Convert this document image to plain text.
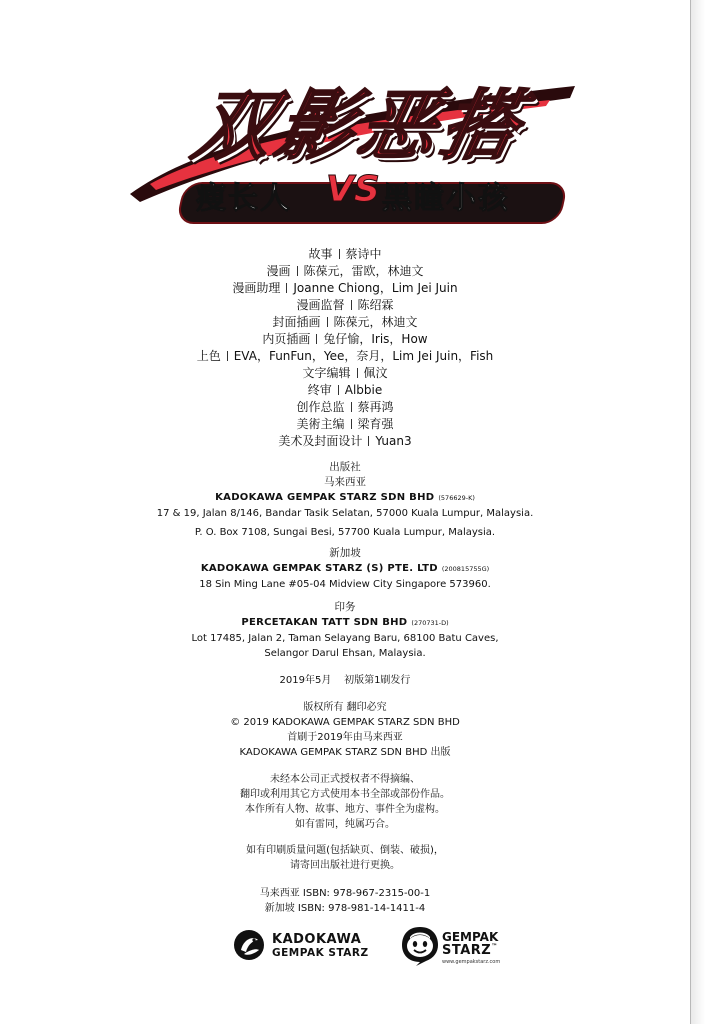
双影恶搭
瘦长人 VS 黑瞳小孩
故事 蔡诗中
漫画 陈葆元，雷欧，林迪文
漫画助理 Joanne Chiong，Lim Jei Juin
漫画监督 陈绍霖
封面插画 陈葆元，林迪文
内页插画 兔仔愉，Iris，How
上色 EVA，FunFun，Yee，奈月，Lim Jei Juin，Fish
文字编辑 佩汶
终审 Albbie
创作总监 蔡再鸿
美術主编 梁育强
美术及封面设计 Yuan3
出版社
马来西亚
KADOKAWA GEMPAK STARZ SDN BHD (576629-K)
17 & 19, Jalan 8/146, Bandar Tasik Selatan, 57000 Kuala Lumpur, Malaysia.
P. O. Box 7108, Sungai Besi, 57700 Kuala Lumpur, Malaysia.
新加坡
KADOKAWA GEMPAK STARZ (S) PTE. LTD (200815755G)
18 Sin Ming Lane #05-04 Midview City Singapore 573960.
印务
PERCETAKAN TATT SDN BHD (270731-D)
Lot 17485, Jalan 2, Taman Selayang Baru, 68100 Batu Caves,
Selangor Darul Ehsan, Malaysia.
2019年5月    初版第1刷发行
版权所有 翻印必究
© 2019 KADOKAWA GEMPAK STARZ SDN BHD
首刷于2019年由马来西亚
KADOKAWA GEMPAK STARZ SDN BHD 出版
未经本公司正式授权者不得摘编、
翻印或利用其它方式使用本书全部或部份作品。
本作所有人物、故事、地方、事件全为虚构。
如有雷同，纯属巧合。
如有印刷质量问题(包括缺页、倒装、破损)，
请寄回出版社进行更换。
马来西亚 ISBN: 978-967-2315-00-1
新加坡 ISBN: 978-981-14-1411-4
KADOKAWA
GEMPAK STARZ
GEMPAK
STARZ™
www.gempakstarz.com
